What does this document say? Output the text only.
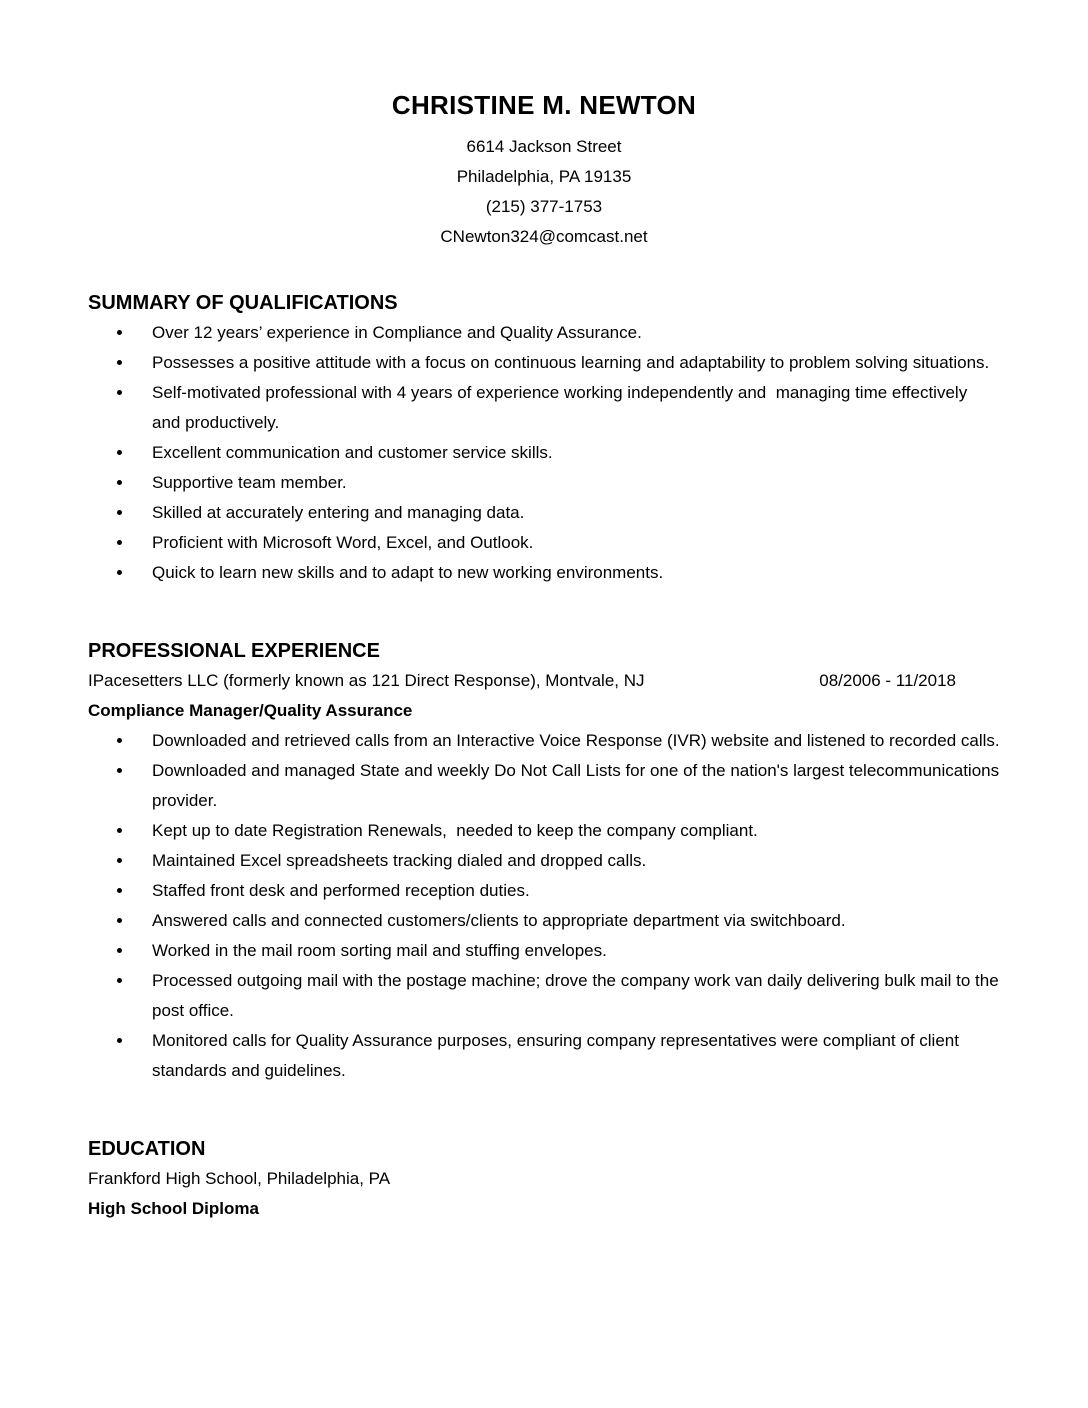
CHRISTINE M. NEWTON
6614 Jackson Street
Philadelphia, PA 19135
(215) 377-1753
CNewton324@comcast.net
SUMMARY OF QUALIFICATIONS
• Over 12 years’ experience in Compliance and Quality Assurance.
• Possesses a positive attitude with a focus on continuous learning and adaptability to problem solving situations.
• Self-motivated professional with 4 years of experience working independently and  managing time effectively and productively.
• Excellent communication and customer service skills.
• Supportive team member.
• Skilled at accurately entering and managing data.
• Proficient with Microsoft Word, Excel, and Outlook.
• Quick to learn new skills and to adapt to new working environments.
PROFESSIONAL EXPERIENCE
IPacesetters LLC (formerly known as 121 Direct Response), Montvale, NJ	08/2006 - 11/2018
Compliance Manager/Quality Assurance
• Downloaded and retrieved calls from an Interactive Voice Response (IVR) website and listened to recorded calls.
• Downloaded and managed State and weekly Do Not Call Lists for one of the nation's largest telecommunications provider.
• Kept up to date Registration Renewals,  needed to keep the company compliant.
• Maintained Excel spreadsheets tracking dialed and dropped calls.
• Staffed front desk and performed reception duties.
• Answered calls and connected customers/clients to appropriate department via switchboard.
• Worked in the mail room sorting mail and stuffing envelopes.
• Processed outgoing mail with the postage machine; drove the company work van daily delivering bulk mail to the post office.
• Monitored calls for Quality Assurance purposes, ensuring company representatives were compliant of client standards and guidelines.
EDUCATION
Frankford High School, Philadelphia, PA
High School Diploma
